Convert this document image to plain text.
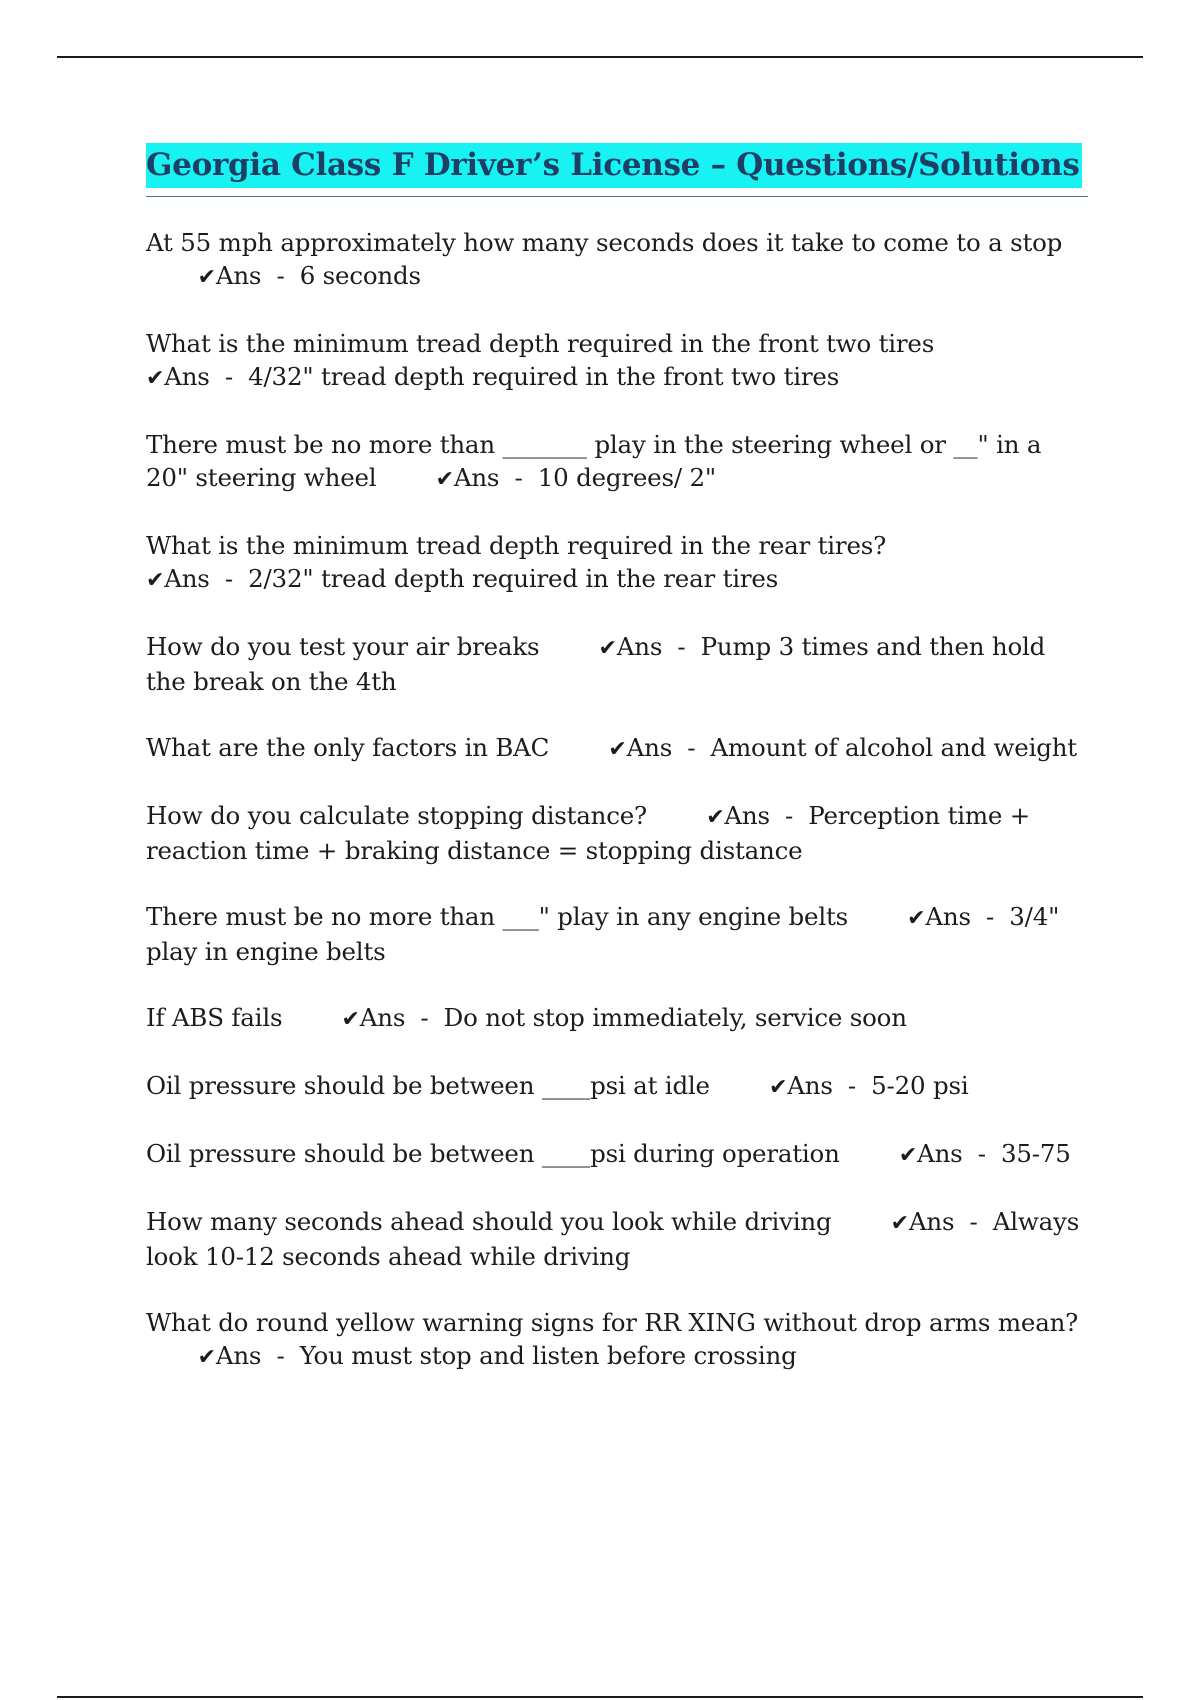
Georgia Class F Driver’s License – Questions/Solutions
At 55 mph approximately how many seconds does it take to come to a stop  ✔Ans  -  6 seconds
What is the minimum tread depth required in the front two tires  ✔Ans  -  4/32" tread depth required in the front two tires
There must be no more than _______ play in the steering wheel or __" in a 20" steering wheel	✔Ans  -  10 degrees/ 2"
What is the minimum tread depth required in the rear tires?  ✔Ans  -  2/32" tread depth required in the rear tires
How do you test your air breaks	✔Ans  -  Pump 3 times and then hold the break on the 4th
What are the only factors in BAC	✔Ans  -  Amount of alcohol and weight
How do you calculate stopping distance?	✔Ans  -  Perception time + reaction time + braking distance = stopping distance
There must be no more than ___" play in any engine belts	✔Ans  -  3/4" play in engine belts
If ABS fails	✔Ans  -  Do not stop immediately, service soon
Oil pressure should be between ____psi at idle	✔Ans  -  5-20 psi
Oil pressure should be between ____psi during operation	✔Ans  -  35-75
How many seconds ahead should you look while driving	✔Ans  -  Always look 10-12 seconds ahead while driving
What do round yellow warning signs for RR XING without drop arms mean?  ✔Ans  -  You must stop and listen before crossing
